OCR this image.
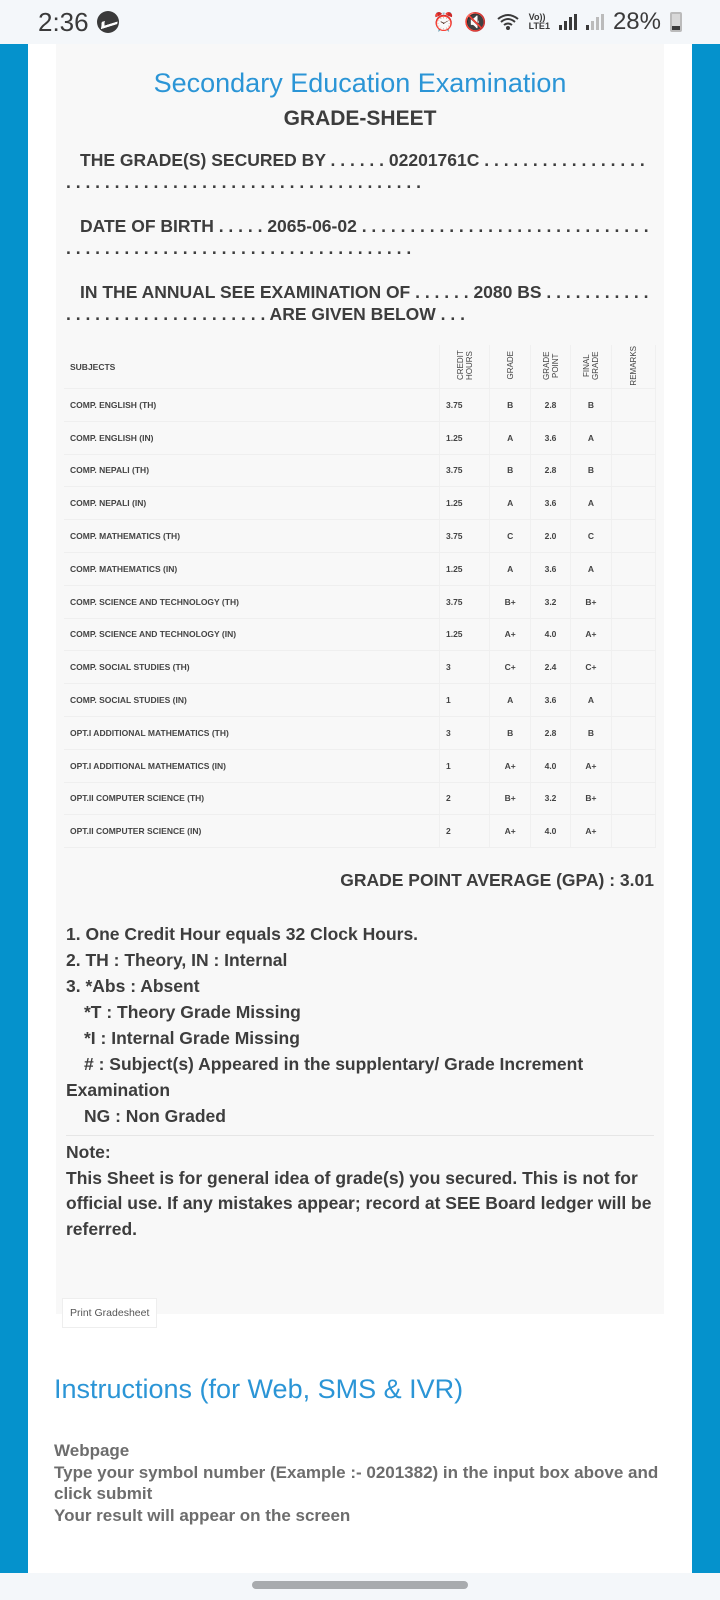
2:36	⏰ 🔇	Vo))
LTE1	28%
Secondary Education Examination
GRADE-SHEET
THE GRADE(S) SECURED BY . . . . . . 02201761C . . . . . . . . . . . . . . . . . . . . . . . . . . . . . . . . . . . . . . . . . . . . . . . . . . . . . .
DATE OF BIRTH . . . . . 2065-06-02 . . . . . . . . . . . . . . . . . . . . . . . . . . . . . . . . . . . . . . . . . . . . . . . . . . . . . . . . . . . . . . . . . .
IN THE ANNUAL SEE EXAMINATION OF . . . . . . 2080 BS . . . . . . . . . . . . . . . . . . . . . . . . . . . . . . . . ARE GIVEN BELOW . . .
SUBJECTS	CREDIT HOURS	GRADE	GRADE POINT	FINAL GRADE	REMARKS
COMP. ENGLISH (TH)	3.75	B	2.8	B	
COMP. ENGLISH (IN)	1.25	A	3.6	A	
COMP. NEPALI (TH)	3.75	B	2.8	B	
COMP. NEPALI (IN)	1.25	A	3.6	A	
COMP. MATHEMATICS (TH)	3.75	C	2.0	C	
COMP. MATHEMATICS (IN)	1.25	A	3.6	A	
COMP. SCIENCE AND TECHNOLOGY (TH)	3.75	B+	3.2	B+	
COMP. SCIENCE AND TECHNOLOGY (IN)	1.25	A+	4.0	A+	
COMP. SOCIAL STUDIES (TH)	3	C+	2.4	C+	
COMP. SOCIAL STUDIES (IN)	1	A	3.6	A	
OPT.I ADDITIONAL MATHEMATICS (TH)	3	B	2.8	B	
OPT.I ADDITIONAL MATHEMATICS (IN)	1	A+	4.0	A+	
OPT.II COMPUTER SCIENCE (TH)	2	B+	3.2	B+	
OPT.II COMPUTER SCIENCE (IN)	2	A+	4.0	A+	
GRADE POINT AVERAGE (GPA) : 3.01
1. One Credit Hour equals 32 Clock Hours.
2. TH : Theory, IN : Internal
3. *Abs : Absent
*T : Theory Grade Missing
*I : Internal Grade Missing
# : Subject(s) Appeared in the supplentary/ Grade Increment Examination
NG : Non Graded
Note:
This Sheet is for general idea of grade(s) you secured. This is not for official use. If any mistakes appear; record at SEE Board ledger will be referred.
Print Gradesheet
Instructions (for Web, SMS & IVR)
Webpage
Type your symbol number (Example :- 0201382) in the input box above and click submit
Your result will appear on the screen
